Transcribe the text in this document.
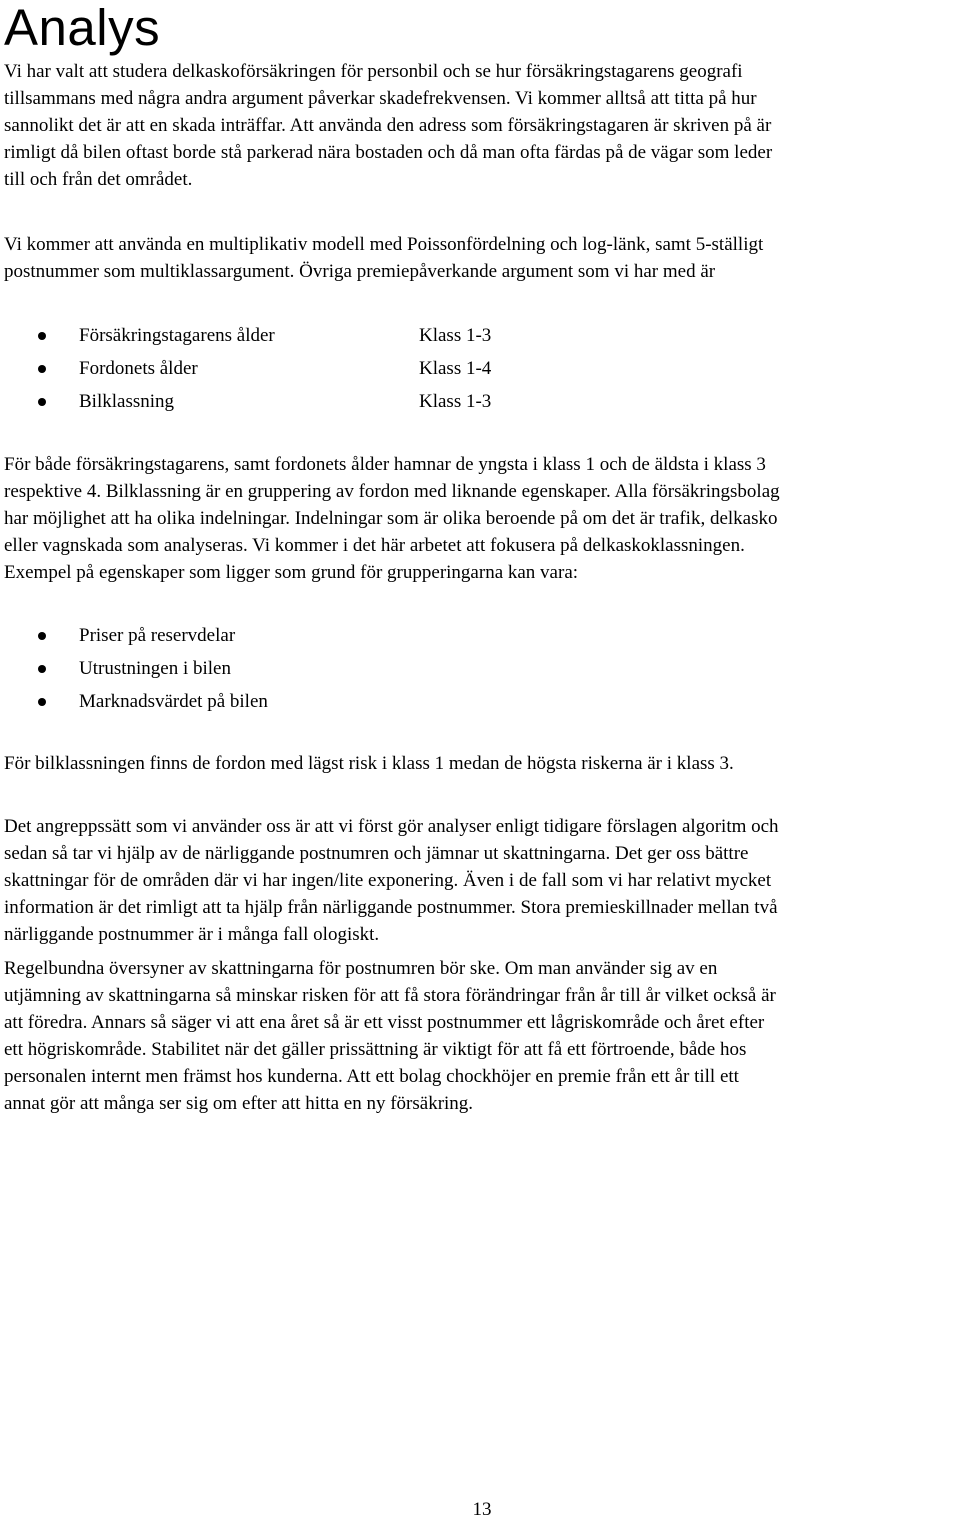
Analys

Vi har valt att studera delkaskoförsäkringen för personbil och se hur försäkringstagarens geografi
tillsammans med några andra argument påverkar skadefrekvensen. Vi kommer alltså att titta på hur
sannolikt det är att en skada inträffar. Att använda den adress som försäkringstagaren är skriven på är
rimligt då bilen oftast borde stå parkerad nära bostaden och då man ofta färdas på de vägar som leder
till och från det området.

Vi kommer att använda en multiplikativ modell med Poissonfördelning och log-länk, samt 5-ställigt
postnummer som multiklassargument. Övriga premiepåverkande argument som vi har med är

Försäkringstagarens ålder	Klass 1-3
Fordonets ålder	Klass 1-4
Bilklassning	Klass 1-3

För både försäkringstagarens, samt fordonets ålder hamnar de yngsta i klass 1 och de äldsta i klass 3
respektive 4. Bilklassning är en gruppering av fordon med liknande egenskaper. Alla försäkringsbolag
har möjlighet att ha olika indelningar. Indelningar som är olika beroende på om det är trafik, delkasko
eller vagnskada som analyseras. Vi kommer i det här arbetet att fokusera på delkaskoklassningen.
Exempel på egenskaper som ligger som grund för grupperingarna kan vara:

Priser på reservdelar
Utrustningen i bilen
Marknadsvärdet på bilen

För bilklassningen finns de fordon med lägst risk i klass 1 medan de högsta riskerna är i klass 3.

Det angreppssätt som vi använder oss är att vi först gör analyser enligt tidigare förslagen algoritm och
sedan så tar vi hjälp av de närliggande postnumren och jämnar ut skattningarna. Det ger oss bättre
skattningar för de områden där vi har ingen/lite exponering. Även i de fall som vi har relativt mycket
information är det rimligt att ta hjälp från närliggande postnummer. Stora premieskillnader mellan två
närliggande postnummer är i många fall ologiskt.

Regelbundna översyner av skattningarna för postnumren bör ske. Om man använder sig av en
utjämning av skattningarna så minskar risken för att få stora förändringar från år till år vilket också är
att föredra. Annars så säger vi att ena året så är ett visst postnummer ett lågriskområde och året efter
ett högriskområde. Stabilitet när det gäller prissättning är viktigt för att få ett förtroende, både hos
personalen internt men främst hos kunderna. Att ett bolag chockhöjer en premie från ett år till ett
annat gör att många ser sig om efter att hitta en ny försäkring.

13
